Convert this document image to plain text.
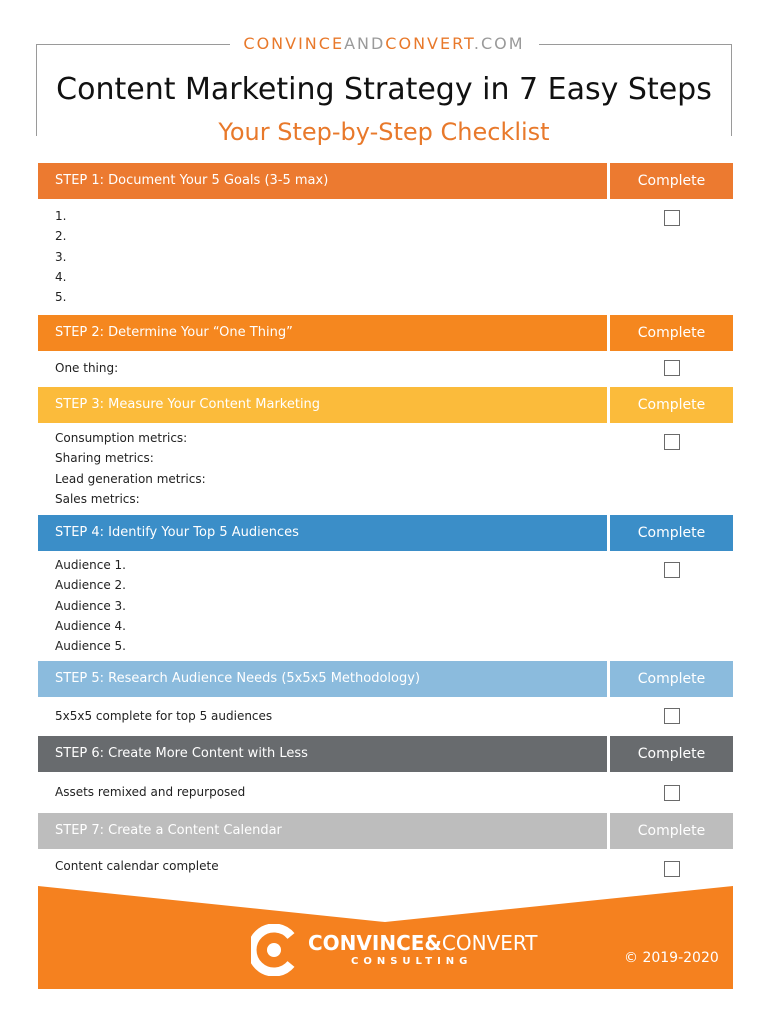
CONVINCEANDCONVERT.COM
Content Marketing Strategy in 7 Easy Steps
Your Step-by-Step Checklist
STEP 1: Document Your 5 Goals (3-5 max)	Complete
1.
2.
3.
4.
5.
STEP 2: Determine Your “One Thing”	Complete
One thing:
STEP 3: Measure Your Content Marketing	Complete
Consumption metrics:
Sharing metrics:
Lead generation metrics:
Sales metrics:
STEP 4: Identify Your Top 5 Audiences	Complete
Audience 1.
Audience 2.
Audience 3.
Audience 4.
Audience 5.
STEP 5: Research Audience Needs (5x5x5 Methodology)	Complete
5x5x5 complete for top 5 audiences
STEP 6: Create More Content with Less	Complete
Assets remixed and repurposed
STEP 7: Create a Content Calendar	Complete
Content calendar complete
CONVINCE&CONVERT
CONSULTING	© 2019-2020
